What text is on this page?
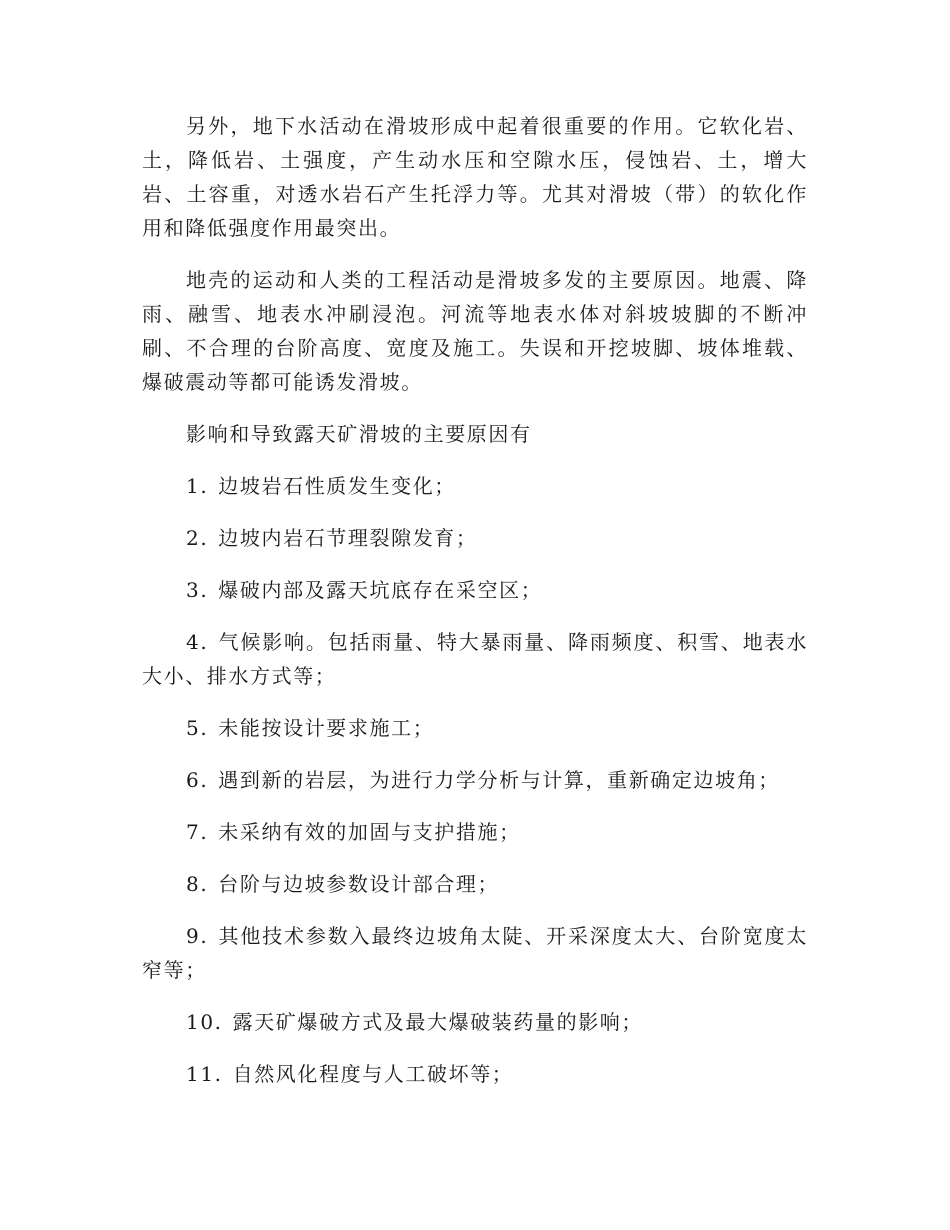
另外，地下水活动在滑坡形成中起着很重要的作用。它软化岩、土，降低岩、土强度，产生动水压和空隙水压，侵蚀岩、土，增大岩、土容重，对透水岩石产生托浮力等。尤其对滑坡（带）的软化作用和降低强度作用最突出。

地壳的运动和人类的工程活动是滑坡多发的主要原因。地震、降雨、融雪、地表水冲刷浸泡。河流等地表水体对斜坡坡脚的不断冲刷、不合理的台阶高度、宽度及施工。失误和开挖坡脚、坡体堆载、爆破震动等都可能诱发滑坡。

影响和导致露天矿滑坡的主要原因有

1. 边坡岩石性质发生变化；

2. 边坡内岩石节理裂隙发育；

3. 爆破内部及露天坑底存在采空区；

4. 气候影响。包括雨量、特大暴雨量、降雨频度、积雪、地表水大小、排水方式等；

5. 未能按设计要求施工；

6. 遇到新的岩层，为进行力学分析与计算，重新确定边坡角；

7. 未采纳有效的加固与支护措施；

8. 台阶与边坡参数设计部合理；

9. 其他技术参数入最终边坡角太陡、开采深度太大、台阶宽度太窄等；

10. 露天矿爆破方式及最大爆破装药量的影响；

11. 自然风化程度与人工破坏等；
